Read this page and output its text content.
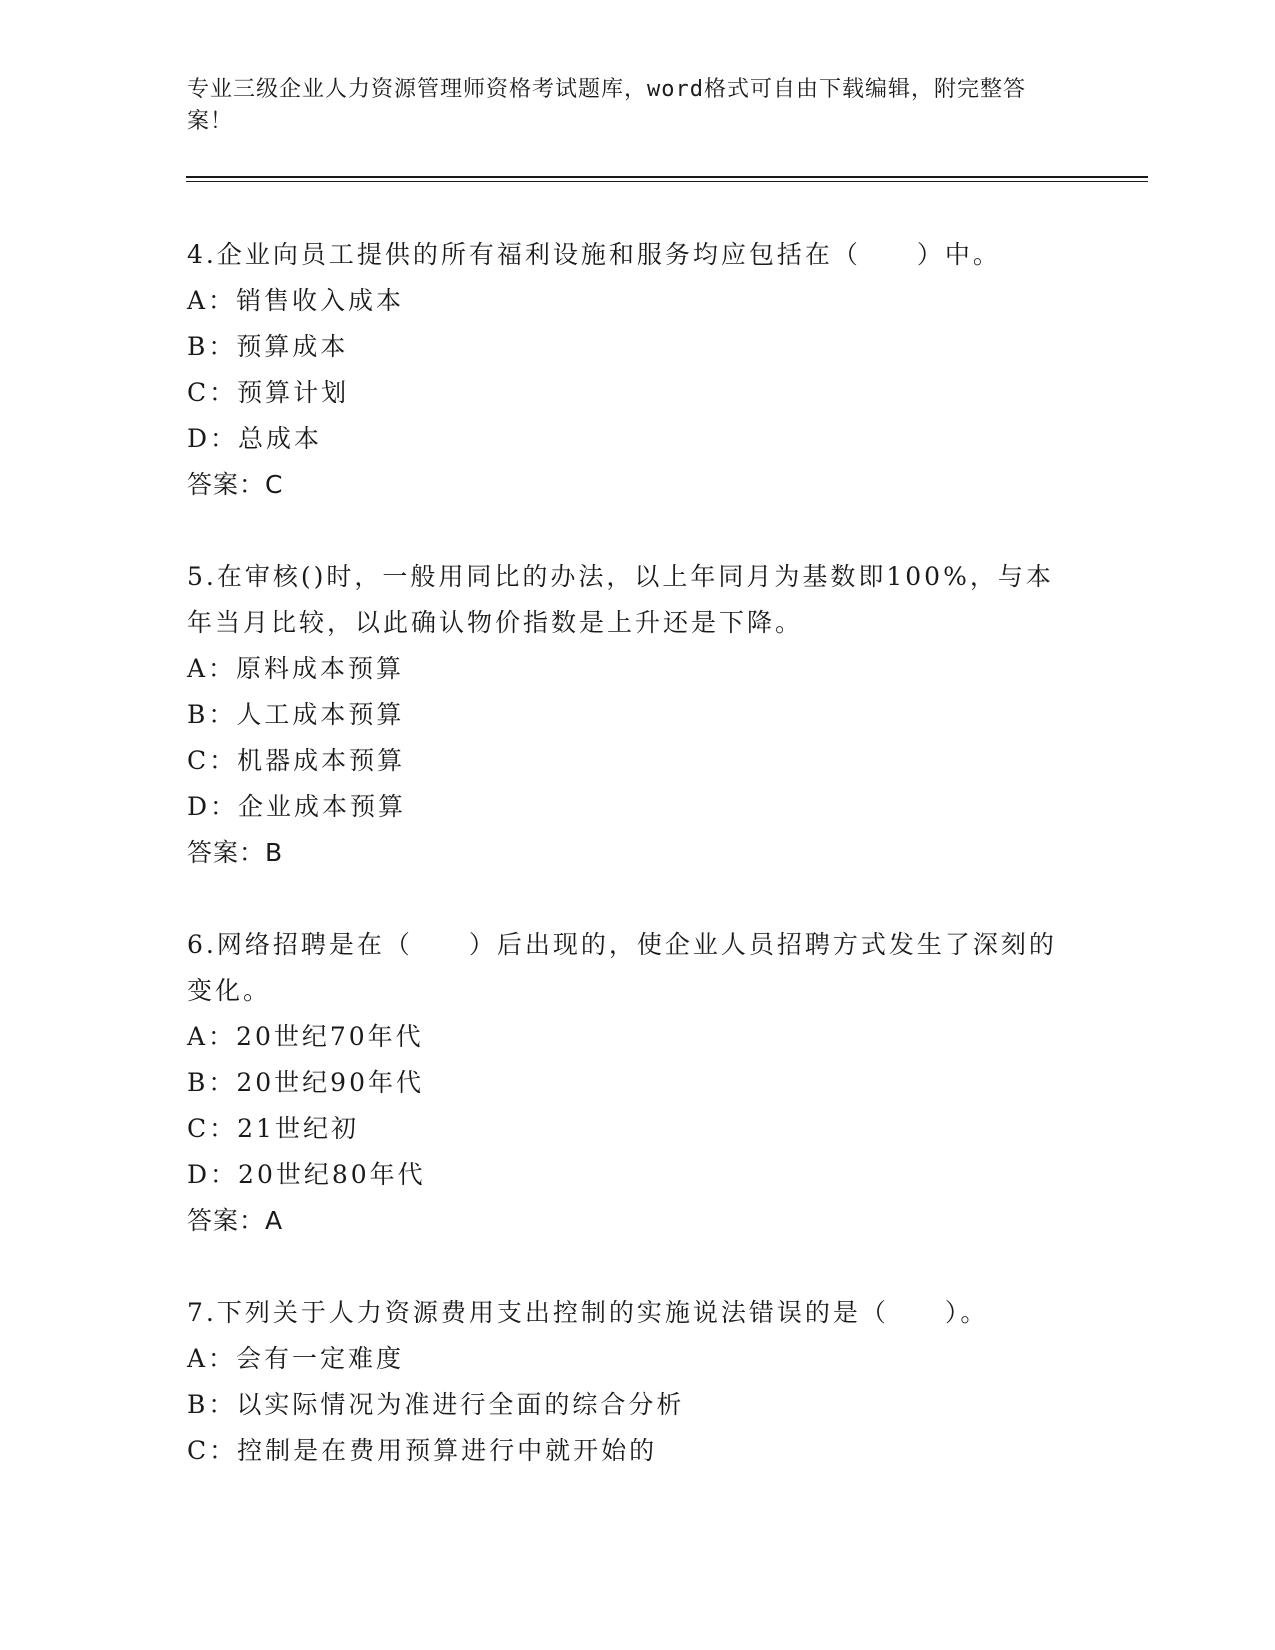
专业三级企业人力资源管理师资格考试题库，word格式可自由下载编辑，附完整答案！

4.企业向员工提供的所有福利设施和服务均应包括在（　　）中。

A：销售收入成本

B：预算成本

C：预算计划

D：总成本

答案：C

5.在审核()时，一般用同比的办法，以上年同月为基数即100%，与本年当月比较，以此确认物价指数是上升还是下降。

A：原料成本预算

B：人工成本预算

C：机器成本预算

D：企业成本预算

答案：B

6.网络招聘是在（　　）后出现的，使企业人员招聘方式发生了深刻的变化。

A：20世纪70年代

B：20世纪90年代

C：21世纪初

D：20世纪80年代

答案：A

7.下列关于人力资源费用支出控制的实施说法错误的是（　　）。

A：会有一定难度

B：以实际情况为准进行全面的综合分析

C：控制是在费用预算进行中就开始的
